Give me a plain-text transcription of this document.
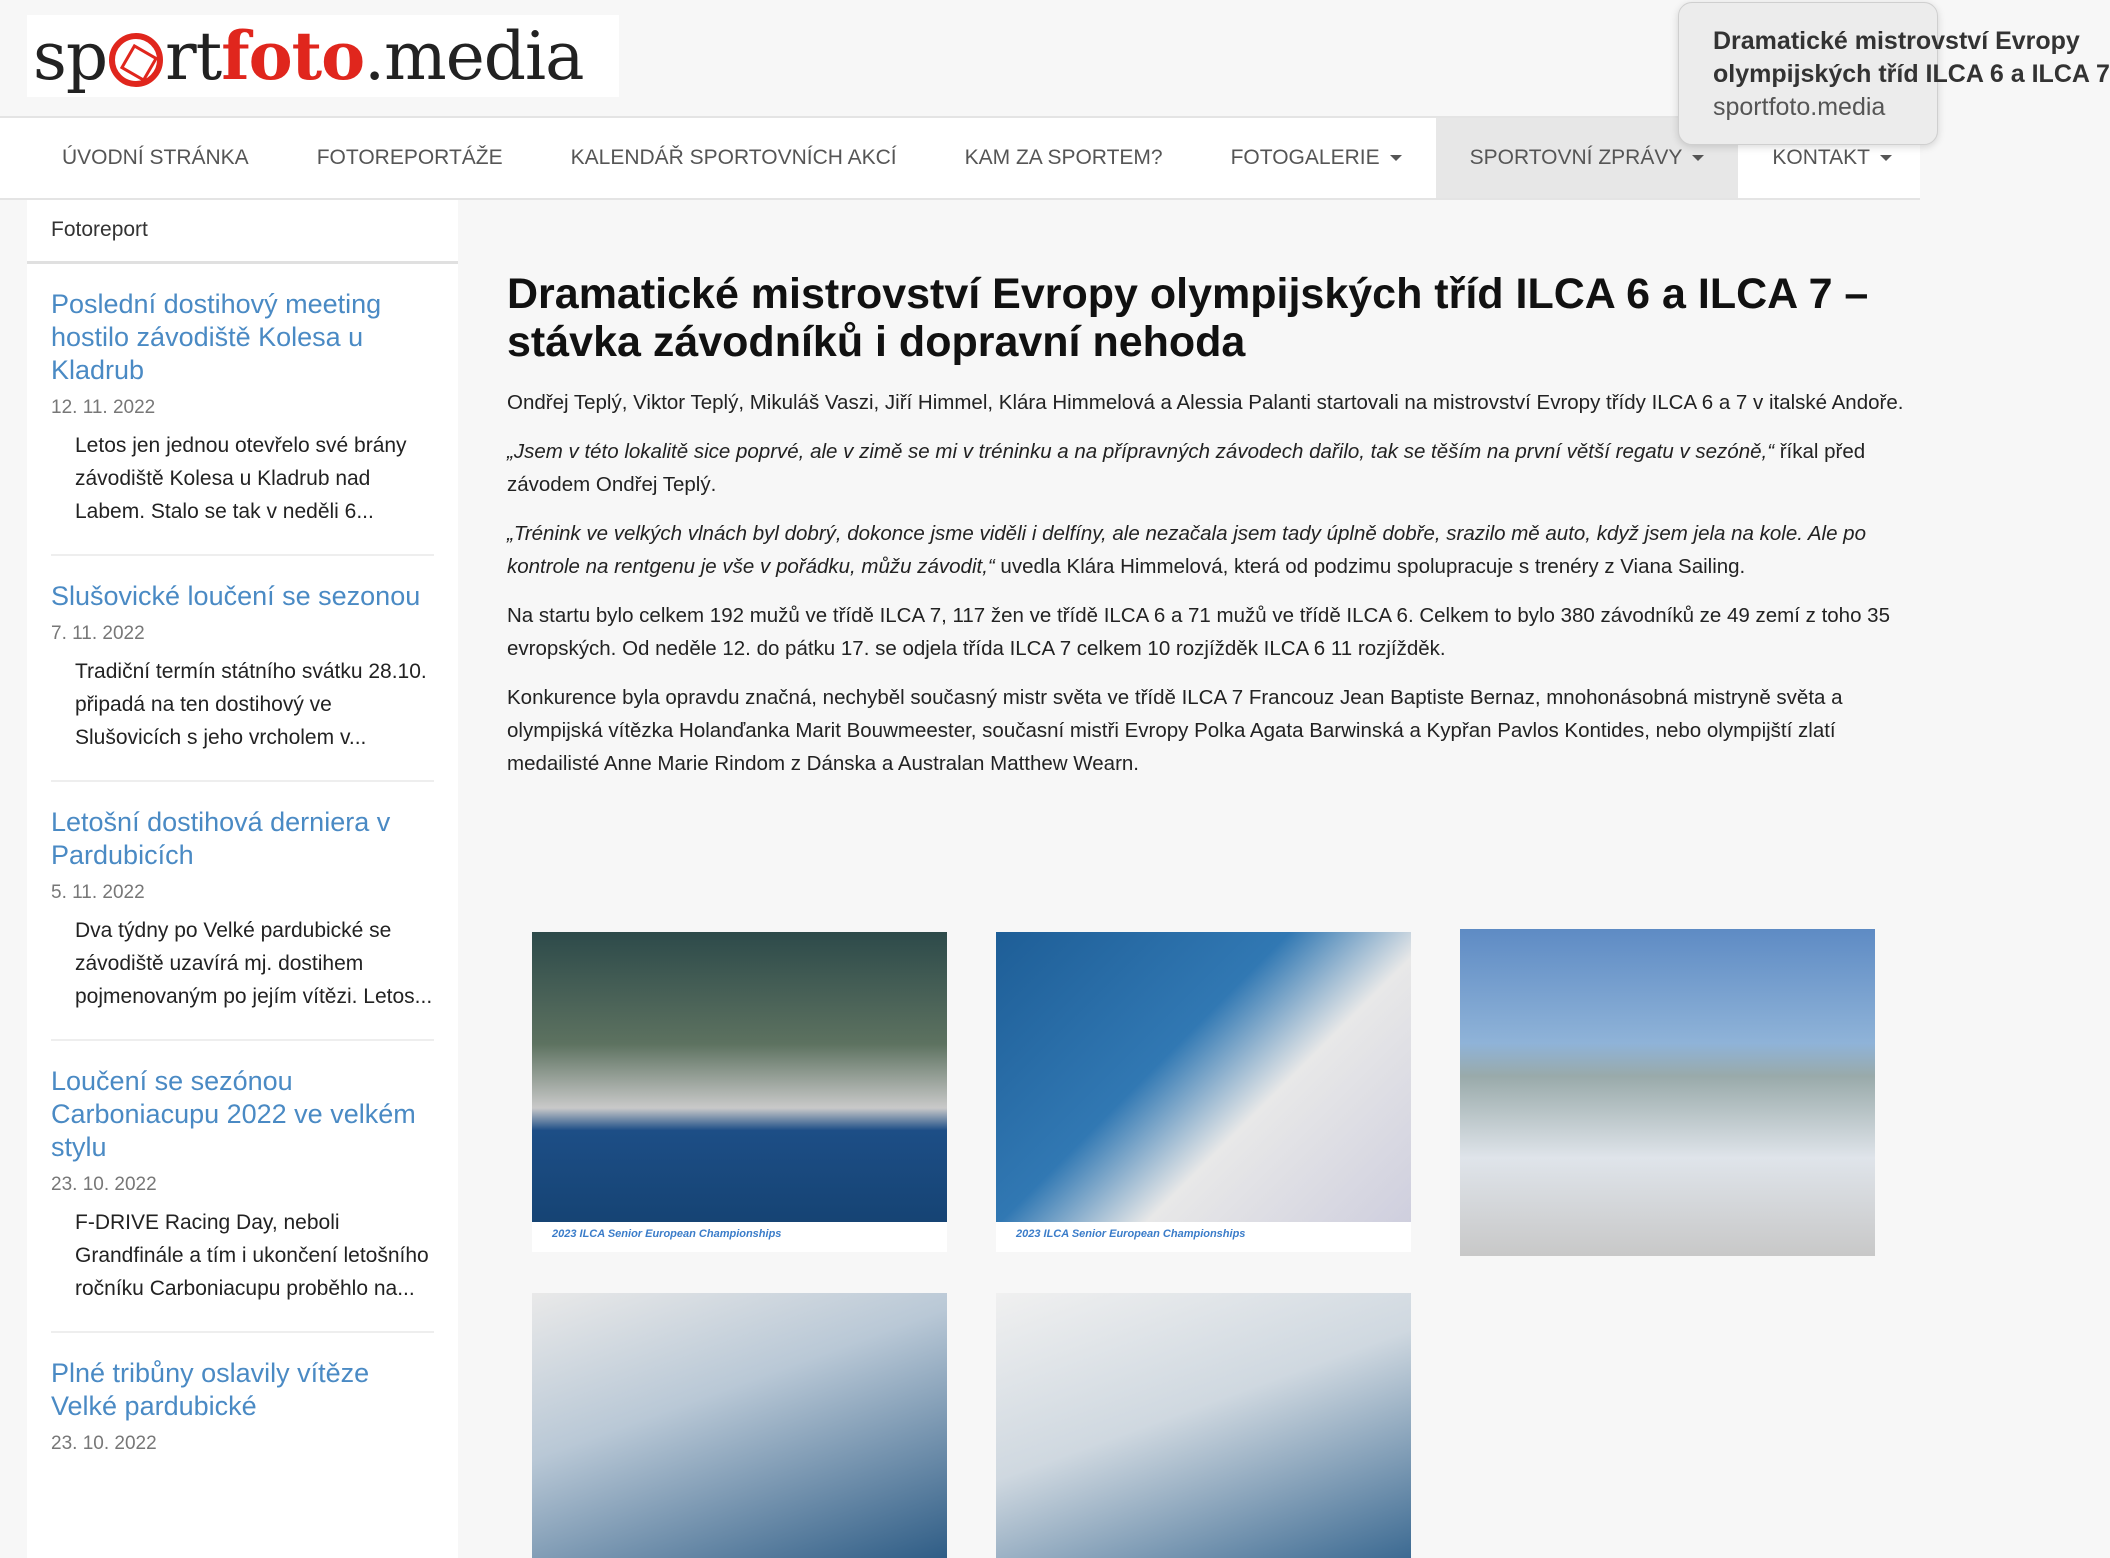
sp rtfoto.media
ÚVODNÍ STRÁNKA	FOTOREPORTÁŽE	KALENDÁŘ SPORTOVNÍCH AKCÍ	KAM ZA SPORTEM?	FOTOGALERIE	SPORTOVNÍ ZPRÁVY	KONTAKT
Dramatické mistrovství Evropy
olympijských tříd ILCA 6 a ILCA 7
sportfoto.media
Fotoreport
Poslední dostihový meeting hostilo závodiště Kolesa u Kladrub
12. 11. 2022

Letos jen jednou otevřelo své brány závodiště Kolesa u Kladrub nad Labem. Stalo se tak v neděli 6...

Slušovické loučení se sezonou
7. 11. 2022

Tradiční termín státního svátku 28.10. připadá na ten dostihový ve Slušovicích s jeho vrcholem v...

Letošní dostihová derniera v Pardubicích
5. 11. 2022

Dva týdny po Velké pardubické se závodiště uzavírá mj. dostihem pojmenovaným po jejím vítězi. Letos...

Loučení se sezónou Carboniacupu 2022 ve velkém stylu
23. 10. 2022

F-DRIVE Racing Day, neboli Grandfinále a tím i ukončení letošního ročníku Carboniacupu proběhlo na...

Plné tribůny oslavily vítěze Velké pardubické
23. 10. 2022
Dramatické mistrovství Evropy olympijských tříd ILCA 6 a ILCA 7 – stávka závodníků i dopravní nehoda

Ondřej Teplý, Viktor Teplý, Mikuláš Vaszi, Jiří Himmel, Klára Himmelová a Alessia Palanti startovali na mistrovství Evropy třídy ILCA 6 a 7 v italské Andoře.

„Jsem v této lokalitě sice poprvé, ale v zimě se mi v tréninku a na přípravných závodech dařilo, tak se těším na první větší regatu v sezóně,“ říkal před závodem Ondřej Teplý.

„Trénink ve velkých vlnách byl dobrý, dokonce jsme viděli i delfíny, ale nezačala jsem tady úplně dobře, srazilo mě auto, když jsem jela na kole. Ale po kontrole na rentgenu je vše v pořádku, můžu závodit,“ uvedla Klára Himmelová, která od podzimu spolupracuje s trenéry z Viana Sailing.

Na startu bylo celkem 192 mužů ve třídě ILCA 7, 117 žen ve třídě ILCA 6 a 71 mužů ve třídě ILCA 6. Celkem to bylo 380 závodníků ze 49 zemí z toho 35 evropských. Od neděle 12. do pátku 17. se odjela třída ILCA 7 celkem 10 rozjížděk ILCA 6 11 rozjížděk.

Konkurence byla opravdu značná, nechyběl současný mistr světa ve třídě ILCA 7 Francouz Jean Baptiste Bernaz, mnohonásobná mistryně světa a olympijská vítězka Holanďanka Marit Bouwmeester, současní mistři Evropy Polka Agata Barwinská a Kypřan Pavlos Kontides, nebo olympijští zlatí medailisté Anne Marie Rindom z Dánska a Australan Matthew Wearn.

2023 ILCA Senior European Championships	2023 ILCA Senior European Championships
